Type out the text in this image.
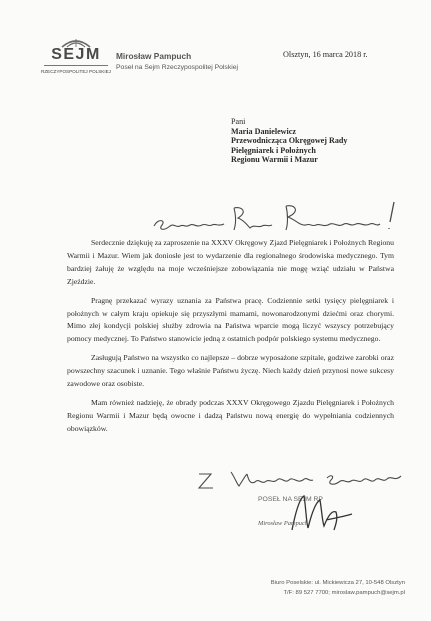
SEJM
RZECZYPOSPOLITEJ POLSKIEJ
Mirosław Pampuch
Poseł na Sejm Rzeczypospolitej Polskiej
Olsztyn, 16 marca 2018 r.
Pani
Maria Danielewicz
Przewodnicząca Okręgowej Rady
Pielęgniarek i Położnych
Regionu Warmii i Mazur

Serdecznie dziękuję za zaproszenie na XXXV Okręgowy Zjazd Pielęgniarek i Położnych Regionu Warmii i Mazur. Wiem jak doniosłe jest to wydarzenie dla regionalnego środowiska medycznego. Tym bardziej żałuję że względu na moje wcześniejsze zobowiązania nie mogę wziąć udziału w Państwa Zjeździe.

Pragnę przekazać wyrazy uznania za Państwa pracę. Codziennie setki tysięcy pielęgniarek i położnych w całym kraju opiekuje się przyszłymi mamami, nowonarodzonymi dziećmi oraz chorymi. Mimo złej kondycji polskiej służby zdrowia na Państwa wparcie mogą liczyć wszyscy potrzebujący pomocy medycznej. To Państwo stanowicie jedną z ostatnich podpór polskiego systemu medycznego.

Zasługują Państwo na wszystko co najlepsze – dobrze wyposażone szpitale, godziwe zarobki oraz powszechny szacunek i uznanie. Tego właśnie Państwu życzę. Niech każdy dzień przynosi nowe sukcesy zawodowe oraz osobiste.

Mam również nadzieję, że obrady podczas XXXV Okręgowego Zjazdu Pielęgniarek i Położnych Regionu Warmii i Mazur będą owocne i dadzą Państwu nową energię do wypełniania codziennych obowiązków.

POSEŁ NA SEJM RP
Mirosław Pampuch
Biuro Poselskie: ul. Mickiewicza 27, 10-548 Olsztyn
T/F: 89 527 7700; miroslaw.pampuch@sejm.pl
